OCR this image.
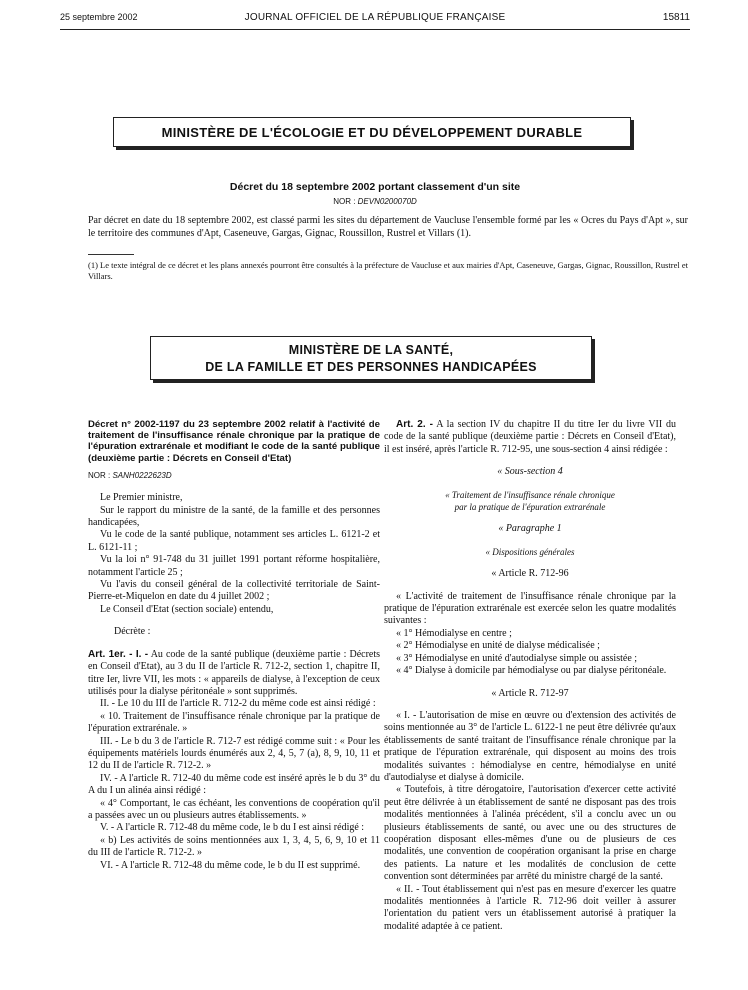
25 septembre 2002	JOURNAL OFFICIEL DE LA RÉPUBLIQUE FRANÇAISE	15811
MINISTÈRE DE L'ÉCOLOGIE ET DU DÉVELOPPEMENT DURABLE
Décret du 18 septembre 2002 portant classement d'un site
NOR : DEVN0200070D
Par décret en date du 18 septembre 2002, est classé parmi les sites du département de Vaucluse l'ensemble formé par les « Ocres du Pays d'Apt », sur le territoire des communes d'Apt, Caseneuve, Gargas, Gignac, Roussillon, Rustrel et Villars (1).
(1) Le texte intégral de ce décret et les plans annexés pourront être consultés à la préfecture de Vaucluse et aux mairies d'Apt, Caseneuve, Gargas, Gignac, Roussillon, Rustrel et Villars.
MINISTÈRE DE LA SANTÉ,
DE LA FAMILLE ET DES PERSONNES HANDICAPÉES

Décret n° 2002-1197 du 23 septembre 2002 relatif à l'activité de traitement de l'insuffisance rénale chronique par la pratique de l'épuration extrarénale et modifiant le code de la santé publique (deuxième partie : Décrets en Conseil d'Etat)

NOR : SANH0222623D

Le Premier ministre,

Sur le rapport du ministre de la santé, de la famille et des personnes handicapées,

Vu le code de la santé publique, notamment ses articles L. 6121-2 et L. 6121-11 ;

Vu la loi n° 91-748 du 31 juillet 1991 portant réforme hospitalière, notamment l'article 25 ;

Vu l'avis du conseil général de la collectivité territoriale de Saint-Pierre-et-Miquelon en date du 4 juillet 2002 ;

Le Conseil d'Etat (section sociale) entendu,

Décrète :

Art. 1er. - I. - Au code de la santé publique (deuxième partie : Décrets en Conseil d'Etat), au 3 du II de l'article R. 712-2, section 1, chapitre II, titre Ier, livre VII, les mots : « appareils de dialyse, à l'exception de ceux utilisés pour la dialyse péritonéale » sont supprimés.

II. - Le 10 du III de l'article R. 712-2 du même code est ainsi rédigé :

« 10. Traitement de l'insuffisance rénale chronique par la pratique de l'épuration extrarénale. »

III. - Le b du 3 de l'article R. 712-7 est rédigé comme suit : « Pour les équipements matériels lourds énumérés aux 2, 4, 5, 7 (a), 8, 9, 10, 11 et 12 du II de l'article R. 712-2. »

IV. - A l'article R. 712-40 du même code est inséré après le b du 3° du A du I un alinéa ainsi rédigé :

« 4° Comportant, le cas échéant, les conventions de coopération qu'il a passées avec un ou plusieurs autres établissements. »

V. - A l'article R. 712-48 du même code, le b du I est ainsi rédigé :

« b) Les activités de soins mentionnées aux 1, 3, 4, 5, 6, 9, 10 et 11 du III de l'article R. 712-2. »

VI. - A l'article R. 712-48 du même code, le b du II est supprimé.

Art. 2. - A la section IV du chapitre II du titre Ier du livre VII du code de la santé publique (deuxième partie : Décrets en Conseil d'Etat), il est inséré, après l'article R. 712-95, une sous-section 4 ainsi rédigée :

« Sous-section 4

« Traitement de l'insuffisance rénale chronique

par la pratique de l'épuration extrarénale

« Paragraphe 1

« Dispositions générales

« Article R. 712-96

« L'activité de traitement de l'insuffisance rénale chronique par la pratique de l'épuration extrarénale est exercée selon les quatre modalités suivantes :

« 1° Hémodialyse en centre ;

« 2° Hémodialyse en unité de dialyse médicalisée ;

« 3° Hémodialyse en unité d'autodialyse simple ou assistée ;

« 4° Dialyse à domicile par hémodialyse ou par dialyse péritonéale.

« Article R. 712-97

« I. - L'autorisation de mise en œuvre ou d'extension des activités de soins mentionnée au 3° de l'article L. 6122-1 ne peut être délivrée qu'aux établissements de santé traitant de l'insuffisance rénale chronique par la pratique de l'épuration extrarénale, qui disposent au moins des trois modalités suivantes : hémodialyse en centre, hémodialyse en unité d'autodialyse et dialyse à domicile.

« Toutefois, à titre dérogatoire, l'autorisation d'exercer cette activité peut être délivrée à un établissement de santé ne disposant pas des trois modalités mentionnées à l'alinéa précédent, s'il a conclu avec un ou plusieurs établissements de santé, ou avec une ou des structures de coopération disposant elles-mêmes d'une ou de plusieurs de ces modalités, une convention de coopération organisant la prise en charge des patients. La nature et les modalités de conclusion de cette convention sont déterminées par arrêté du ministre chargé de la santé.

« II. - Tout établissement qui n'est pas en mesure d'exercer les quatre modalités mentionnées à l'article R. 712-96 doit veiller à assurer l'orientation du patient vers un établissement autorisé à pratiquer la modalité adaptée à ce patient.
